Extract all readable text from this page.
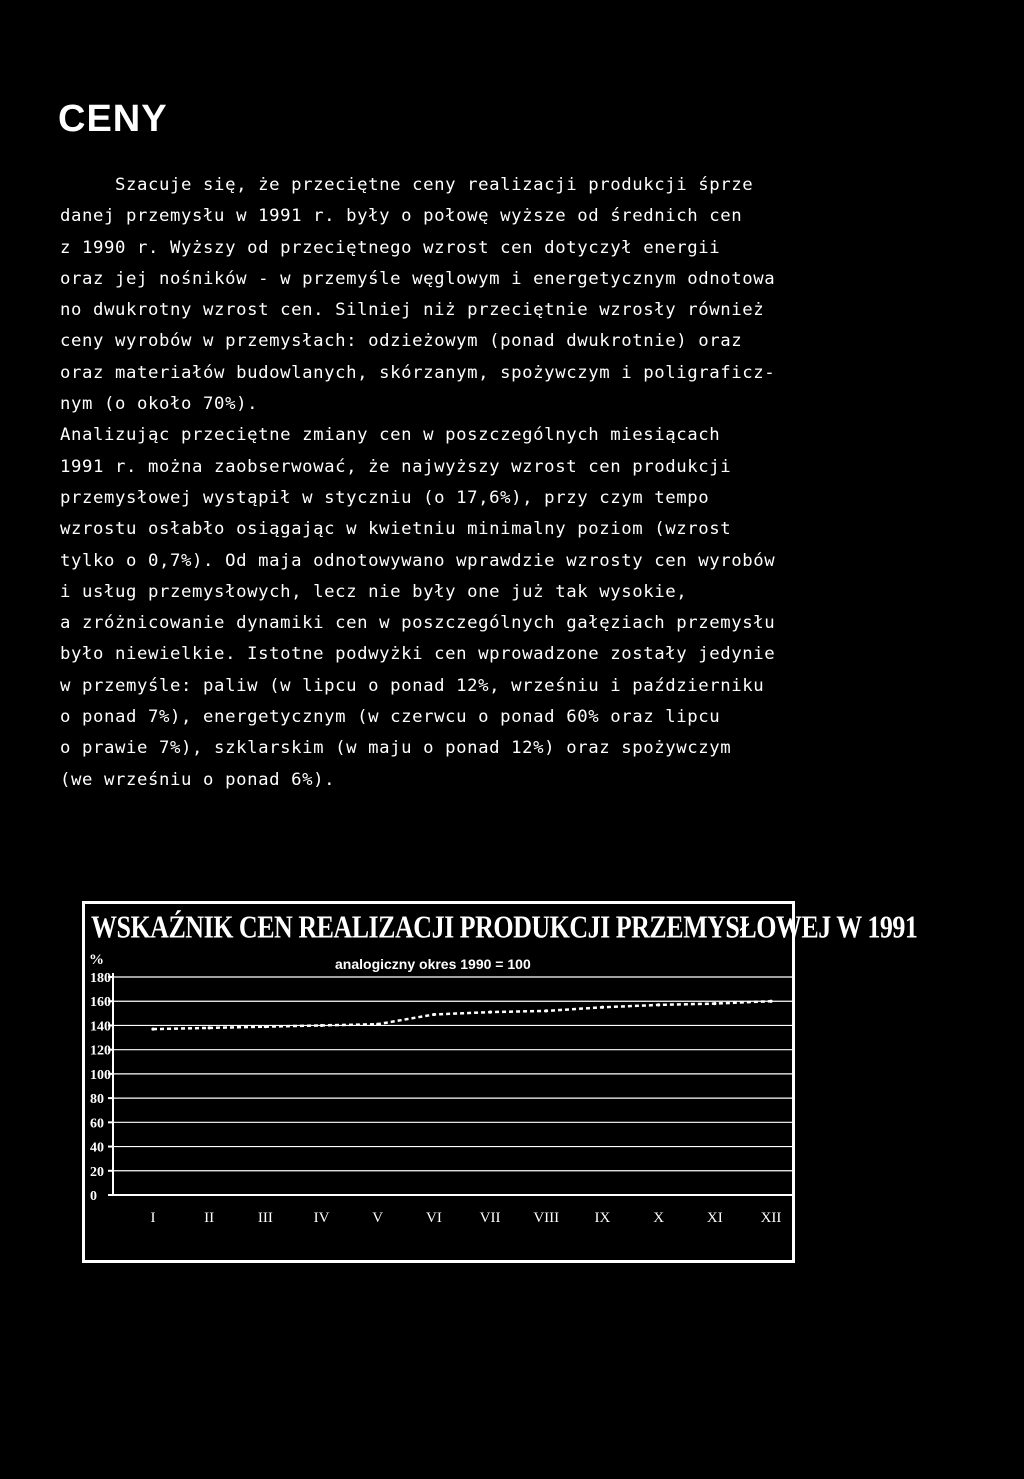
CENY
Szacuje się, że przeciętne ceny realizacji produkcji śprze
danej przemysłu w 1991 r. były o połowę wyższe od średnich cen
z 1990 r. Wyższy od przeciętnego wzrost cen dotyczył energii
oraz jej nośników - w przemyśle węglowym i energetycznym odnotowa
no dwukrotny wzrost cen. Silniej niż przeciętnie wzrosły również
ceny wyrobów w przemysłach: odzieżowym (ponad dwukrotnie) oraz
oraz materiałów budowlanych, skórzanym, spożywczym i poligraficz-
nym (o około 70%).
Analizując przeciętne zmiany cen w poszczególnych miesiącach
1991 r. można zaobserwować, że najwyższy wzrost cen produkcji
przemysłowej wystąpił w styczniu (o 17,6%), przy czym tempo
wzrostu osłabło osiągając w kwietniu minimalny poziom (wzrost
tylko o 0,7%). Od maja odnotowywano wprawdzie wzrosty cen wyrobów
i usług przemysłowych, lecz nie były one już tak wysokie,
a zróżnicowanie dynamiki cen w poszczególnych gałęziach przemysłu
było niewielkie. Istotne podwyżki cen wprowadzone zostały jedynie
w przemyśle: paliw (w lipcu o ponad 12%, wrześniu i październiku
o ponad 7%), energetycznym (w czerwcu o ponad 60% oraz lipcu
o prawie 7%), szklarskim (w maju o ponad 12%) oraz spożywczym
(we wrześniu o ponad 6%).
WSKAŹNIK CEN REALIZACJI PRODUKCJI PRZEMYSŁOWEJ W 1991
%	analogiczny okres 1990 = 100
180
160
140
120
100
80
60
40
20
0
I	II	III	IV	V	VI	VII VIII IX	X	XI	XII
